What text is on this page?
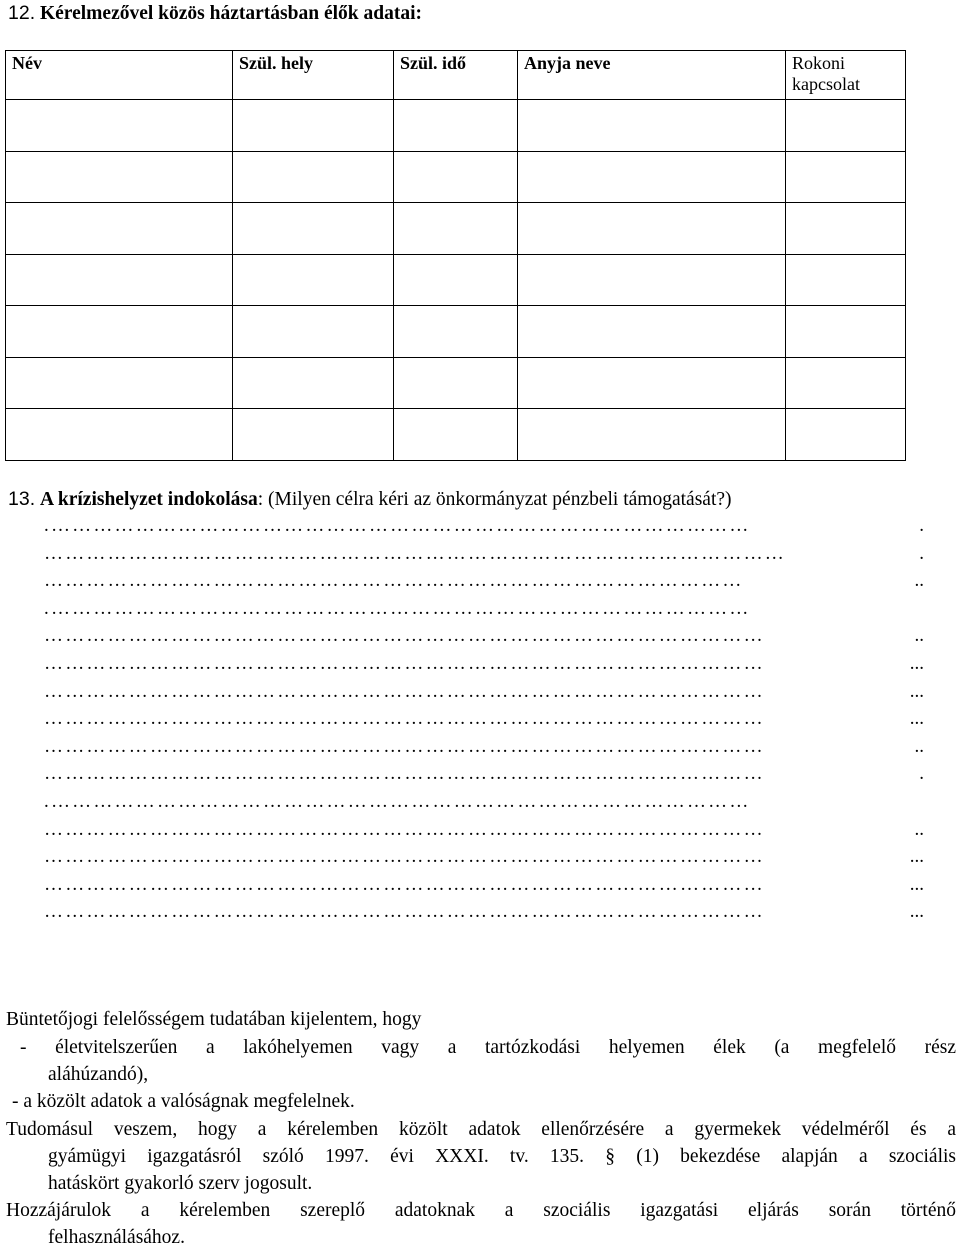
12. Kérelmezővel közös háztartásban élők adatai:
Név	Szül. hely	Szül. idő	Anyja neve	Rokoni kapcsolat

13. A krízishelyzet indokolása: (Milyen célra kéri az önkormányzat pénzbeli támogatását?)
.………………………………………………………………………………………	.
……………………………………………………………………………………………	.
………………………………………………………………………………………	..
.………………………………………………………………………………………
…………………………………………………………………………………………	..
…………………………………………………………………………………………	...
…………………………………………………………………………………………	...
…………………………………………………………………………………………	...
…………………………………………………………………………………………	..
…………………………………………………………………………………………	.
.………………………………………………………………………………………
…………………………………………………………………………………………	..
…………………………………………………………………………………………	...
…………………………………………………………………………………………	...
…………………………………………………………………………………………	...
Büntetőjogi felelősségem tudatában kijelentem, hogy
- életvitelszerűen a lakóhelyemen vagy a tartózkodási helyemen élek (a megfelelő rész
aláhúzandó),
- a közölt adatok a valóságnak megfelelnek.
Tudomásul veszem, hogy a kérelemben közölt adatok ellenőrzésére a gyermekek védelméről és a
gyámügyi igazgatásról szóló 1997. évi XXXI. tv. 135. § (1) bekezdése alapján a szociális
hatáskört gyakorló szerv jogosult.
Hozzájárulok a kérelemben szereplő adatoknak a szociális igazgatási eljárás során történő
felhasználásához.
